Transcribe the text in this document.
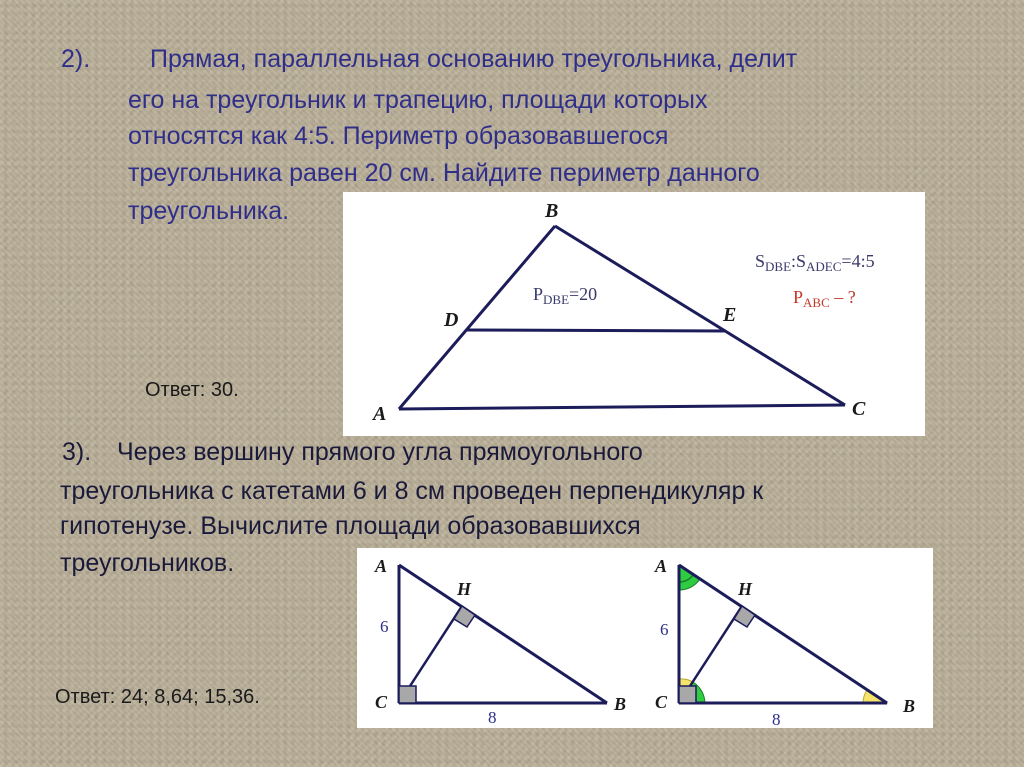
2). Прямая, параллельная основанию треугольника, делит
его на треугольник и трапецию, площади которых
относятся как 4:5. Периметр образовавшегося
треугольника равен 20 см. Найдите периметр данного
треугольника.	B
D	E
A	C
$P_{DBE}=20$
$S_{DBE}:S_{ADEC}=4:5$
$P_{ABC}$ – ?
Ответ: 30.
3). Через вершину прямого угла прямоугольного
треугольника с катетами 6 и 8 см проведен перпендикуляр к
гипотенузе. Вычислите площади образовавшихся
треугольников.	A
H
C	B
6
8
A
H
C	B
6
8
Ответ: 24; 8,64; 15,36.
